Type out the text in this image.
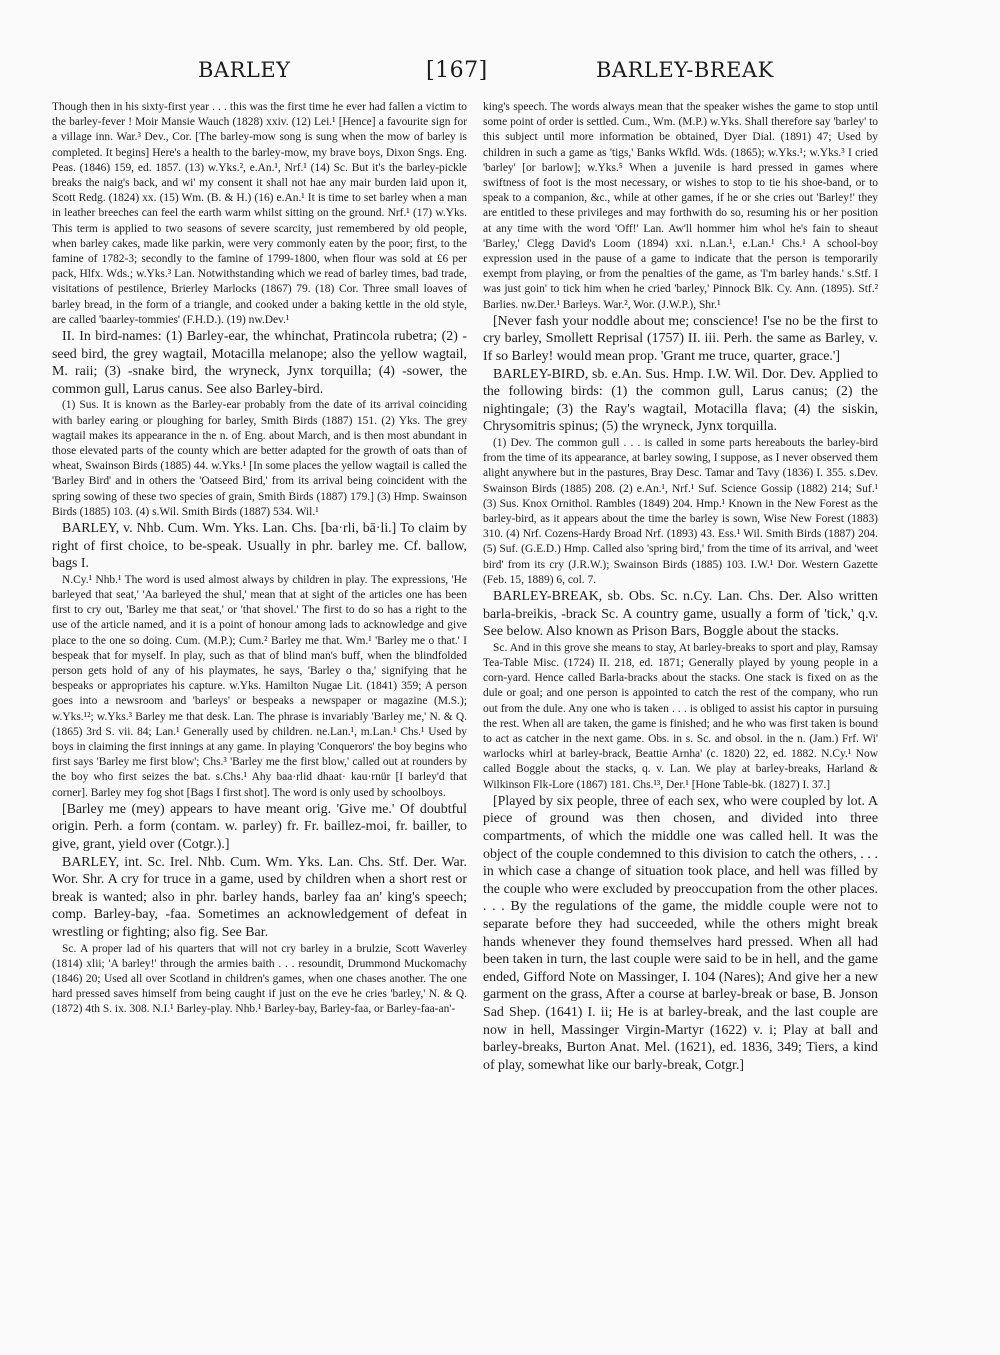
BARLEY	[167]	BARLEY-BREAK

Though then in his sixty-first year . . . this was the first time he ever had fallen a victim to the barley-fever ! Moir Mansie Wauch (1828) xxiv. (12) Lei.¹ [Hence] a favourite sign for a village inn. War.³ Dev., Cor. [The barley-mow song is sung when the mow of barley is completed. It begins] Here's a health to the barley-mow, my brave boys, Dixon Sngs. Eng. Peas. (1846) 159, ed. 1857. (13) w.Yks.², e.An.¹, Nrf.¹ (14) Sc. But it's the barley-pickle breaks the naig's back, and wi' my consent it shall not hae any mair burden laid upon it, Scott Redg. (1824) xx. (15) Wm. (B. & H.) (16) e.An.¹ It is time to set barley when a man in leather breeches can feel the earth warm whilst sitting on the ground. Nrf.¹ (17) w.Yks. This term is applied to two seasons of severe scarcity, just remembered by old people, when barley cakes, made like parkin, were very commonly eaten by the poor; first, to the famine of 1782-3; secondly to the famine of 1799-1800, when flour was sold at £6 per pack, Hlfx. Wds.; w.Yks.³ Lan. Notwithstanding which we read of barley times, bad trade, visitations of pestilence, Brierley Marlocks (1867) 79. (18) Cor. Three small loaves of barley bread, in the form of a triangle, and cooked under a baking kettle in the old style, are called 'baarley-tommies' (F.H.D.). (19) nw.Dev.¹

II. In bird-names: (1) Barley-ear, the whinchat, Pratincola rubetra; (2) -seed bird, the grey wagtail, Motacilla melanope; also the yellow wagtail, M. raii; (3) -snake bird, the wryneck, Jynx torquilla; (4) -sower, the common gull, Larus canus. See also Barley-bird.

(1) Sus. It is known as the Barley-ear probably from the date of its arrival coinciding with barley earing or ploughing for barley, Smith Birds (1887) 151. (2) Yks. The grey wagtail makes its appearance in the n. of Eng. about March, and is then most abundant in those elevated parts of the county which are better adapted for the growth of oats than of wheat, Swainson Birds (1885) 44. w.Yks.¹ [In some places the yellow wagtail is called the 'Barley Bird' and in others the 'Oatseed Bird,' from its arrival being coincident with the spring sowing of these two species of grain, Smith Birds (1887) 179.] (3) Hmp. Swainson Birds (1885) 103. (4) s.Wil. Smith Birds (1887) 534. Wil.¹

BARLEY, v. Nhb. Cum. Wm. Yks. Lan. Chs. [ba·rli, bā·li.] To claim by right of first choice, to be-speak. Usually in phr. barley me. Cf. ballow, bags I.

N.Cy.¹ Nhb.¹ The word is used almost always by children in play. The expressions, 'He barleyed that seat,' 'Aa barleyed the shul,' mean that at sight of the articles one has been first to cry out, 'Barley me that seat,' or 'that shovel.' The first to do so has a right to the use of the article named, and it is a point of honour among lads to acknowledge and give place to the one so doing. Cum. (M.P.); Cum.² Barley me that. Wm.¹ 'Barley me o that.' I bespeak that for myself. In play, such as that of blind man's buff, when the blindfolded person gets hold of any of his playmates, he says, 'Barley o tha,' signifying that he bespeaks or appropriates his capture. w.Yks. Hamilton Nugae Lit. (1841) 359; A person goes into a newsroom and 'barleys' or bespeaks a newspaper or magazine (M.S.); w.Yks.¹²; w.Yks.³ Barley me that desk. Lan. The phrase is invariably 'Barley me,' N. & Q. (1865) 3rd S. vii. 84; Lan.¹ Generally used by children. ne.Lan.¹, m.Lan.¹ Chs.¹ Used by boys in claiming the first innings at any game. In playing 'Conquerors' the boy begins who first says 'Barley me first blow'; Chs.³ 'Barley me the first blow,' called out at rounders by the boy who first seizes the bat. s.Chs.¹ Ahy baa·rlid dhaat· kau·rnür [I barley'd that corner]. Barley mey fog shot [Bags I first shot]. The word is only used by schoolboys.

[Barley me (mey) appears to have meant orig. 'Give me.' Of doubtful origin. Perh. a form (contam. w. parley) fr. Fr. baillez-moi, fr. bailler, to give, grant, yield over (Cotgr.).]

BARLEY, int. Sc. Irel. Nhb. Cum. Wm. Yks. Lan. Chs. Stf. Der. War. Wor. Shr. A cry for truce in a game, used by children when a short rest or break is wanted; also in phr. barley hands, barley faa an' king's speech; comp. Barley-bay, -faa. Sometimes an acknowledgement of defeat in wrestling or fighting; also fig. See Bar.

Sc. A proper lad of his quarters that will not cry barley in a brulzie, Scott Waverley (1814) xlii; 'A barley!' through the armies baith . . . resoundit, Drummond Muckomachy (1846) 20; Used all over Scotland in children's games, when one chases another. The one hard pressed saves himself from being caught if just on the eve he cries 'barley,' N. & Q. (1872) 4th S. ix. 308. N.I.¹ Barley-play. Nhb.¹ Barley-bay, Barley-faa, or Barley-faa-an'-

king's speech. The words always mean that the speaker wishes the game to stop until some point of order is settled. Cum., Wm. (M.P.) w.Yks. Shall therefore say 'barley' to this subject until more information be obtained, Dyer Dial. (1891) 47; Used by children in such a game as 'tigs,' Banks Wkfld. Wds. (1865); w.Yks.¹; w.Yks.³ I cried 'barley' [or barlow]; w.Yks.⁵ When a juvenile is hard pressed in games where swiftness of foot is the most necessary, or wishes to stop to tie his shoe-band, or to speak to a companion, &c., while at other games, if he or she cries out 'Barley!' they are entitled to these privileges and may forthwith do so, resuming his or her position at any time with the word 'Off!' Lan. Aw'll hommer him whol he's fain to sheaut 'Barley,' Clegg David's Loom (1894) xxi. n.Lan.¹, e.Lan.¹ Chs.¹ A school-boy expression used in the pause of a game to indicate that the person is temporarily exempt from playing, or from the penalties of the game, as 'I'm barley hands.' s.Stf. I was just goin' to tick him when he cried 'barley,' Pinnock Blk. Cy. Ann. (1895). Stf.² Barlies. nw.Der.¹ Barleys. War.², Wor. (J.W.P.), Shr.¹

[Never fash your noddle about me; conscience! I'se no be the first to cry barley, Smollett Reprisal (1757) II. iii. Perh. the same as Barley, v. If so Barley! would mean prop. 'Grant me truce, quarter, grace.']

BARLEY-BIRD, sb. e.An. Sus. Hmp. I.W. Wil. Dor. Dev. Applied to the following birds: (1) the common gull, Larus canus; (2) the nightingale; (3) the Ray's wagtail, Motacilla flava; (4) the siskin, Chrysomitris spinus; (5) the wryneck, Jynx torquilla.

(1) Dev. The common gull . . . is called in some parts hereabouts the barley-bird from the time of its appearance, at barley sowing, I suppose, as I never observed them alight anywhere but in the pastures, Bray Desc. Tamar and Tavy (1836) I. 355. s.Dev. Swainson Birds (1885) 208. (2) e.An.¹, Nrf.¹ Suf. Science Gossip (1882) 214; Suf.¹ (3) Sus. Knox Ornithol. Rambles (1849) 204. Hmp.¹ Known in the New Forest as the barley-bird, as it appears about the time the barley is sown, Wise New Forest (1883) 310. (4) Nrf. Cozens-Hardy Broad Nrf. (1893) 43. Ess.¹ Wil. Smith Birds (1887) 204. (5) Suf. (G.E.D.) Hmp. Called also 'spring bird,' from the time of its arrival, and 'weet bird' from its cry (J.R.W.); Swainson Birds (1885) 103. I.W.¹ Dor. Western Gazette (Feb. 15, 1889) 6, col. 7.

BARLEY-BREAK, sb. Obs. Sc. n.Cy. Lan. Chs. Der. Also written barla-breikis, -brack Sc. A country game, usually a form of 'tick,' q.v. See below. Also known as Prison Bars, Boggle about the stacks.

Sc. And in this grove she means to stay, At barley-breaks to sport and play, Ramsay Tea-Table Misc. (1724) II. 218, ed. 1871; Generally played by young people in a corn-yard. Hence called Barla-bracks about the stacks. One stack is fixed on as the dule or goal; and one person is appointed to catch the rest of the company, who run out from the dule. Any one who is taken . . . is obliged to assist his captor in pursuing the rest. When all are taken, the game is finished; and he who was first taken is bound to act as catcher in the next game. Obs. in s. Sc. and obsol. in the n. (Jam.) Frf. Wi' warlocks whirl at barley-brack, Beattie Arnha' (c. 1820) 22, ed. 1882. N.Cy.¹ Now called Boggle about the stacks, q. v. Lan. We play at barley-breaks, Harland & Wilkinson Flk-Lore (1867) 181. Chs.¹³, Der.¹ [Hone Table-bk. (1827) I. 37.]

[Played by six people, three of each sex, who were coupled by lot. A piece of ground was then chosen, and divided into three compartments, of which the middle one was called hell. It was the object of the couple condemned to this division to catch the others, . . . in which case a change of situation took place, and hell was filled by the couple who were excluded by preoccupation from the other places. . . . By the regulations of the game, the middle couple were not to separate before they had succeeded, while the others might break hands whenever they found themselves hard pressed. When all had been taken in turn, the last couple were said to be in hell, and the game ended, Gifford Note on Massinger, I. 104 (Nares); And give her a new garment on the grass, After a course at barley-break or base, B. Jonson Sad Shep. (1641) I. ii; He is at barley-break, and the last couple are now in hell, Massinger Virgin-Martyr (1622) v. i; Play at ball and barley-breaks, Burton Anat. Mel. (1621), ed. 1836, 349; Tiers, a kind of play, somewhat like our barly-break, Cotgr.]
